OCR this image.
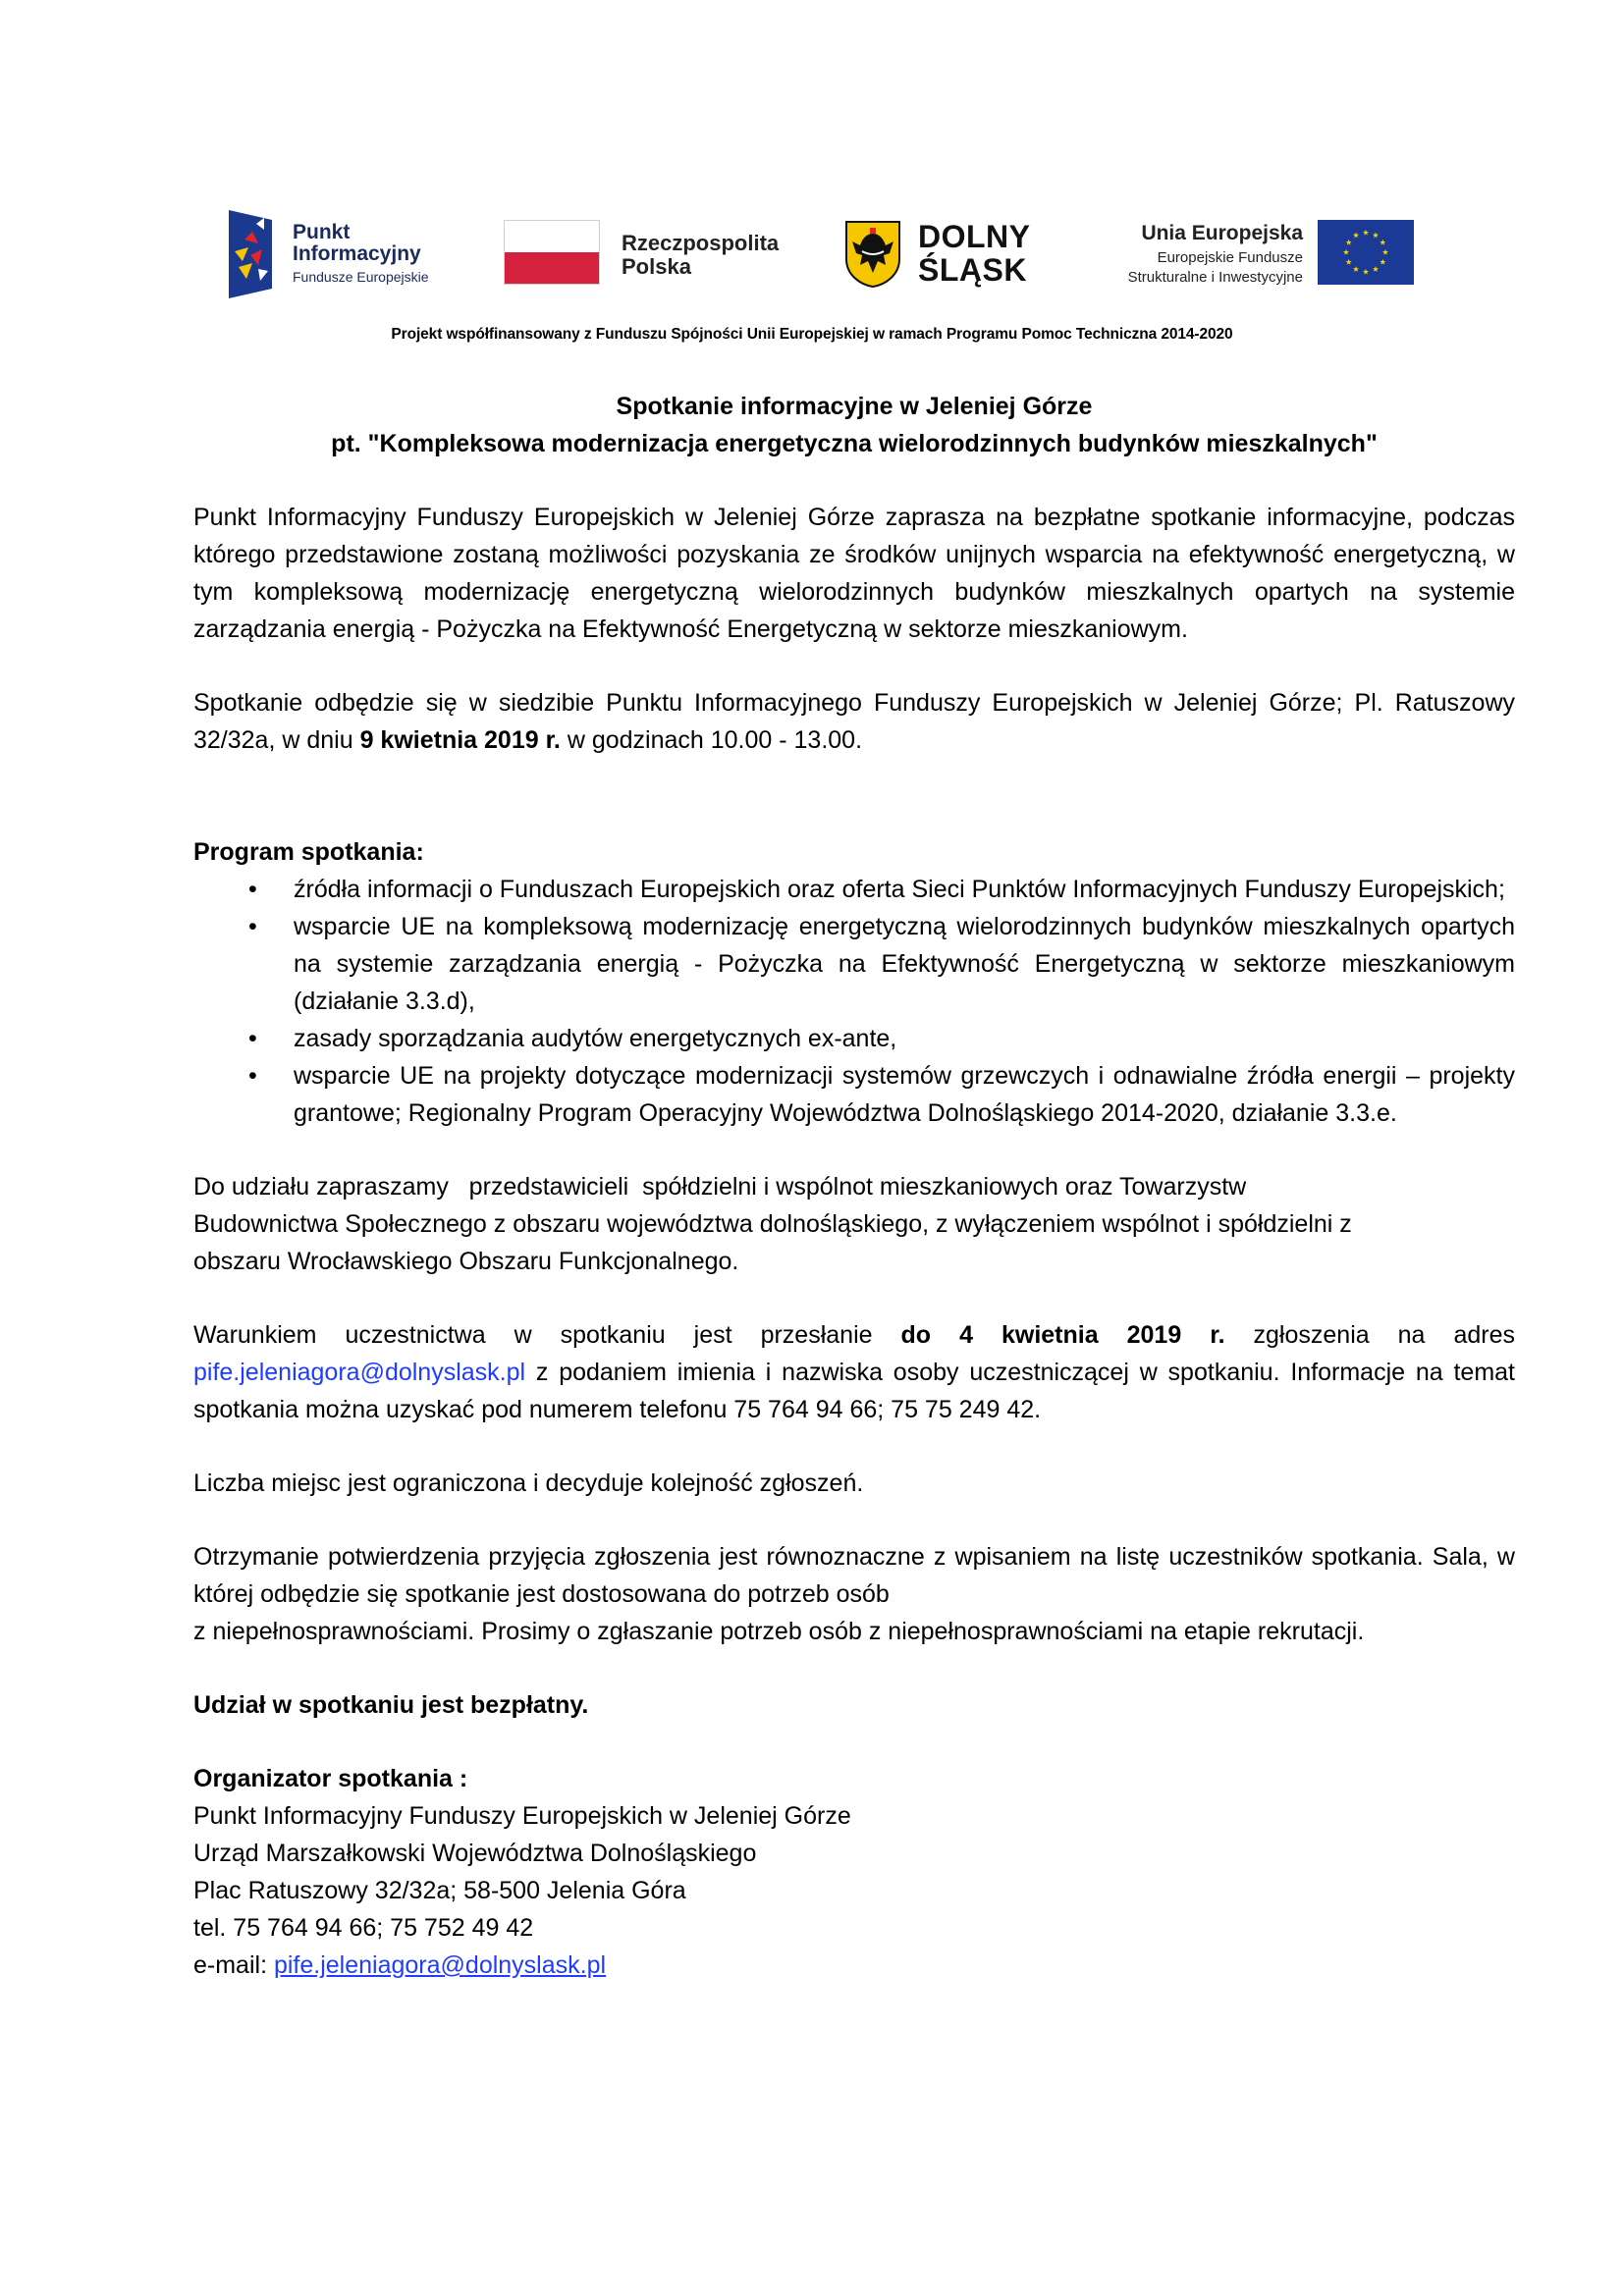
Punkt
Informacyjny
Fundusze Europejskie
Rzeczpospolita
Polska
DOLNY
ŚLĄSK
Unia Europejska
Europejskie Fundusze
Strukturalne i Inwestycyjne
Projekt współfinansowany z Funduszu Spójności Unii Europejskiej w ramach Programu Pomoc Techniczna 2014-2020
Spotkanie informacyjne w Jeleniej Górze
pt. "Kompleksowa modernizacja energetyczna wielorodzinnych budynków mieszkalnych"

Punkt Informacyjny Funduszy Europejskich w Jeleniej Górze zaprasza na bezpłatne spotkanie informacyjne, podczas którego przedstawione zostaną możliwości pozyskania ze środków unijnych wsparcia na efektywność energetyczną, w tym kompleksową modernizację energetyczną wielorodzinnych budynków mieszkalnych opartych na systemie zarządzania energią - Pożyczka na Efektywność Energetyczną w sektorze mieszkaniowym.

Spotkanie odbędzie się w siedzibie Punktu Informacyjnego Funduszy Europejskich w Jeleniej Górze; Pl. Ratuszowy 32/32a, w dniu 9 kwietnia 2019 r. w godzinach 10.00 - 13.00.

Program spotkania:

• źródła informacji o Funduszach Europejskich oraz oferta Sieci Punktów Informacyjnych Funduszy Europejskich;
• wsparcie UE na kompleksową modernizację energetyczną wielorodzinnych budynków mieszkalnych opartych na systemie zarządzania energią - Pożyczka na Efektywność Energetyczną w sektorze mieszkaniowym (działanie 3.3.d),
• zasady sporządzania audytów energetycznych ex-ante,
• wsparcie UE na projekty dotyczące modernizacji systemów grzewczych i odnawialne źródła energii – projekty grantowe; Regionalny Program Operacyjny Województwa Dolnośląskiego 2014-2020, działanie 3.3.e.

Do udziału zapraszamy   przedstawicieli  spółdzielni i wspólnot mieszkaniowych oraz Towarzystw
Budownictwa Społecznego z obszaru województwa dolnośląskiego, z wyłączeniem wspólnot i spółdzielni z
obszaru Wrocławskiego Obszaru Funkcjonalnego.

Warunkiem uczestnictwa w spotkaniu jest przesłanie do 4 kwietnia 2019 r. zgłoszenia na adres pife.jeleniagora@dolnyslask.pl z podaniem imienia i nazwiska osoby uczestniczącej w spotkaniu. Informacje na temat spotkania można uzyskać pod numerem telefonu 75 764 94 66; 75 75 249 42.

Liczba miejsc jest ograniczona i decyduje kolejność zgłoszeń.

Otrzymanie potwierdzenia przyjęcia zgłoszenia jest równoznaczne z wpisaniem na listę uczestników spotkania. Sala, w której odbędzie się spotkanie jest dostosowana do potrzeb osób

z niepełnosprawnościami. Prosimy o zgłaszanie potrzeb osób z niepełnosprawnościami na etapie rekrutacji.

Udział w spotkaniu jest bezpłatny.

Organizator spotkania :

Punkt Informacyjny Funduszy Europejskich w Jeleniej Górze

Urząd Marszałkowski Województwa Dolnośląskiego

Plac Ratuszowy 32/32a; 58-500 Jelenia Góra

tel. 75 764 94 66; 75 752 49 42

e-mail: pife.jeleniagora@dolnyslask.pl
